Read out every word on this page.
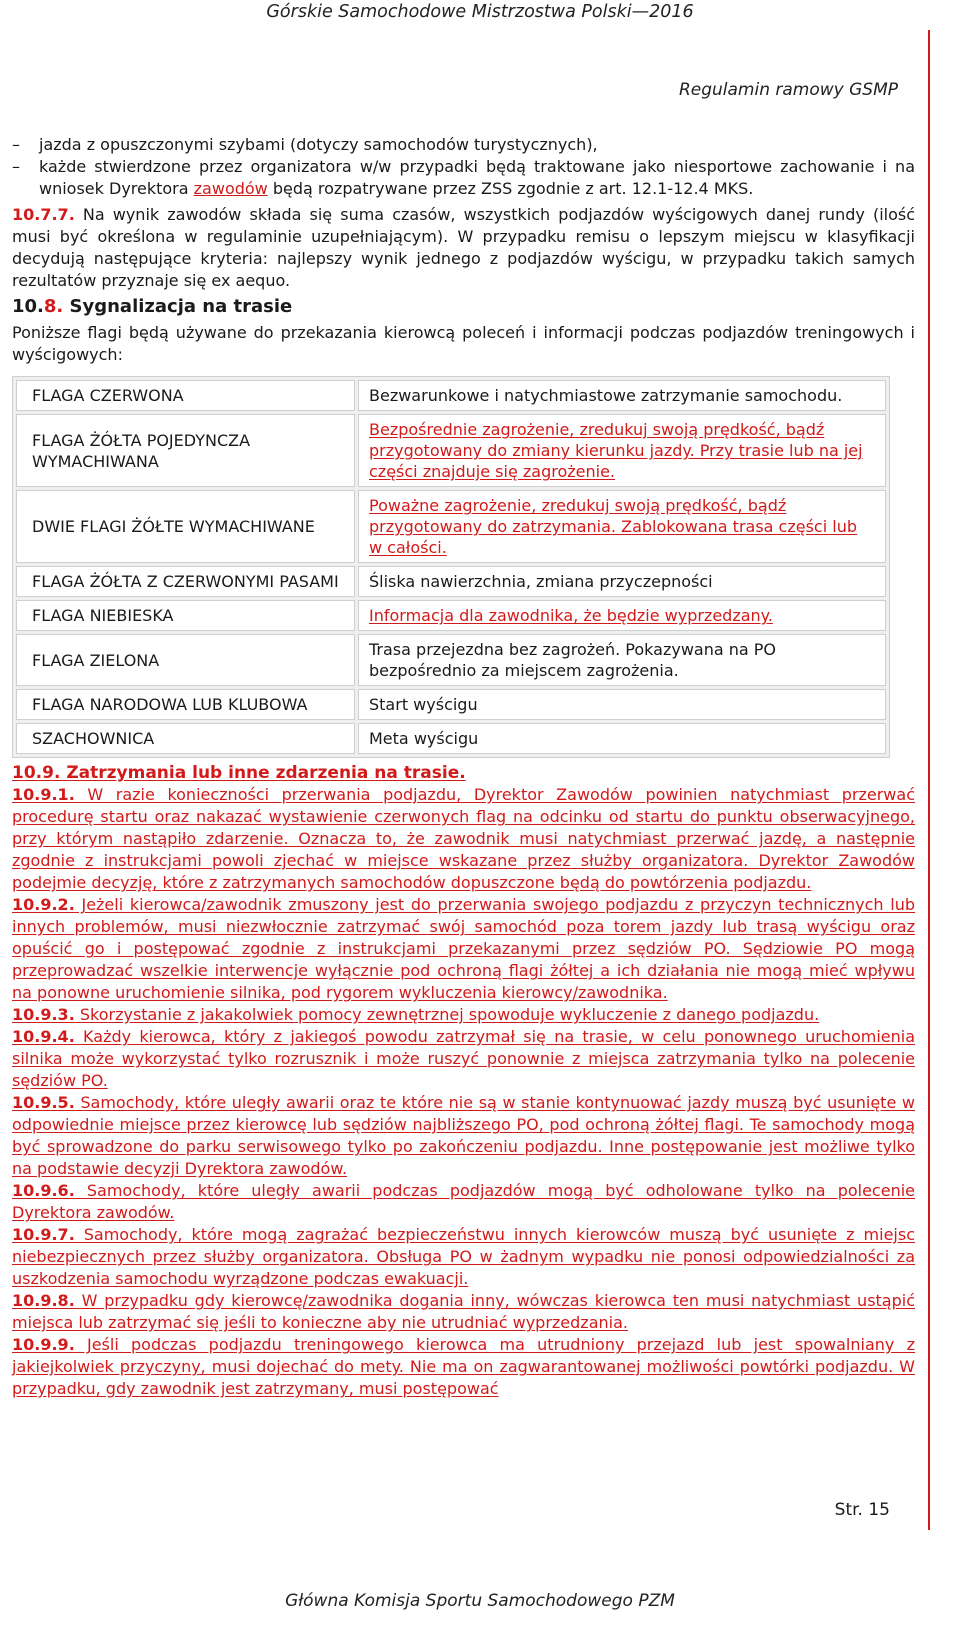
Górskie Samochodowe Mistrzostwa Polski—2016
Regulamin ramowy GSMP

– jazda z opuszczonymi szybami (dotyczy samochodów turystycznych),

– każde stwierdzone przez organizatora w/w przypadki będą traktowane jako niesportowe zachowanie i na wniosek Dyrektora zawodów będą rozpatrywane przez ZSS zgodnie z art. 12.1-12.4 MKS.

10.7.7. Na wynik zawodów składa się suma czasów, wszystkich podjazdów wyścigowych danej rundy (ilość musi być określona w regulaminie uzupełniającym). W przypadku remisu o lepszym miejscu w klasyfikacji decydują następujące kryteria: najlepszy wynik jednego z podjazdów wyścigu, w przypadku takich samych rezultatów przyznaje się ex aequo.

10.8. Sygnalizacja na trasie

Poniższe flagi będą używane do przekazania kierowcą poleceń i informacji podczas podjazdów treningowych i wyścigowych:

FLAGA CZERWONA	Bezwarunkowe i natychmiastowe zatrzymanie samochodu.
FLAGA ŻÓŁTA POJEDYNCZA WYMACHIWANA	Bezpośrednie zagrożenie, zredukuj swoją prędkość, bądź przygotowany do zmiany kierunku jazdy. Przy trasie lub na jej części znajduje się zagrożenie.
DWIE FLAGI ŻÓŁTE WYMACHIWANE	Poważne zagrożenie, zredukuj swoją prędkość, bądź przygotowany do zatrzymania. Zablokowana trasa części lub w całości.
FLAGA ŻÓŁTA Z CZERWONYMI PASAMI	Śliska nawierzchnia, zmiana przyczepności
FLAGA NIEBIESKA	Informacja dla zawodnika, że będzie wyprzedzany.
FLAGA ZIELONA	Trasa przejezdna bez zagrożeń. Pokazywana na PO bezpośrednio za miejscem zagrożenia.
FLAGA NARODOWA LUB KLUBOWA	Start wyścigu
SZACHOWNICA	Meta wyścigu

10.9. Zatrzymania lub inne zdarzenia na trasie.

10.9.1. W razie konieczności przerwania podjazdu, Dyrektor Zawodów powinien natychmiast przerwać procedurę startu oraz nakazać wystawienie czerwonych flag na odcinku od startu do punktu obserwacyjnego, przy którym nastąpiło zdarzenie. Oznacza to, że zawodnik musi natychmiast przerwać jazdę, a następnie zgodnie z instrukcjami powoli zjechać w miejsce wskazane przez służby organizatora. Dyrektor Zawodów podejmie decyzję, które z zatrzymanych samochodów dopuszczone będą do powtórzenia podjazdu.

10.9.2. Jeżeli kierowca/zawodnik zmuszony jest do przerwania swojego podjazdu z przyczyn technicznych lub innych problemów, musi niezwłocznie zatrzymać swój samochód poza torem jazdy lub trasą wyścigu oraz opuścić go i postępować zgodnie z instrukcjami przekazanymi przez sędziów PO. Sędziowie PO mogą przeprowadzać wszelkie interwencje wyłącznie pod ochroną flagi żółtej a ich działania nie mogą mieć wpływu na ponowne uruchomienie silnika, pod rygorem wykluczenia kierowcy/zawodnika.

10.9.3. Skorzystanie z jakakolwiek pomocy zewnętrznej spowoduje wykluczenie z danego podjazdu.

10.9.4. Każdy kierowca, który z jakiegoś powodu zatrzymał się na trasie, w celu ponownego uruchomienia silnika może wykorzystać tylko rozrusznik i może ruszyć ponownie z miejsca zatrzymania tylko na polecenie sędziów PO.

10.9.5. Samochody, które uległy awarii oraz te które nie są w stanie kontynuować jazdy muszą być usunięte w odpowiednie miejsce przez kierowcę lub sędziów najbliższego PO, pod ochroną żółtej flagi. Te samochody mogą być sprowadzone do parku serwisowego tylko po zakończeniu podjazdu. Inne postępowanie jest możliwe tylko na podstawie decyzji Dyrektora zawodów.

10.9.6. Samochody, które uległy awarii podczas podjazdów mogą być odholowane tylko na polecenie Dyrektora zawodów.

10.9.7. Samochody, które mogą zagrażać bezpieczeństwu innych kierowców muszą być usunięte z miejsc niebezpiecznych przez służby organizatora. Obsługa PO w żadnym wypadku nie ponosi odpowiedzialności za uszkodzenia samochodu wyrządzone podczas ewakuacji.

10.9.8. W przypadku gdy kierowcę/zawodnika dogania inny, wówczas kierowca ten musi natychmiast ustąpić miejsca lub zatrzymać się jeśli to konieczne aby nie utrudniać wyprzedzania.

10.9.9. Jeśli podczas podjazdu treningowego kierowca ma utrudniony przejazd lub jest spowalniany z jakiejkolwiek przyczyny, musi dojechać do mety. Nie ma on zagwarantowanej możliwości powtórki podjazdu. W przypadku, gdy zawodnik jest zatrzymany, musi postępować

Str. 15
Główna Komisja Sportu Samochodowego PZM
